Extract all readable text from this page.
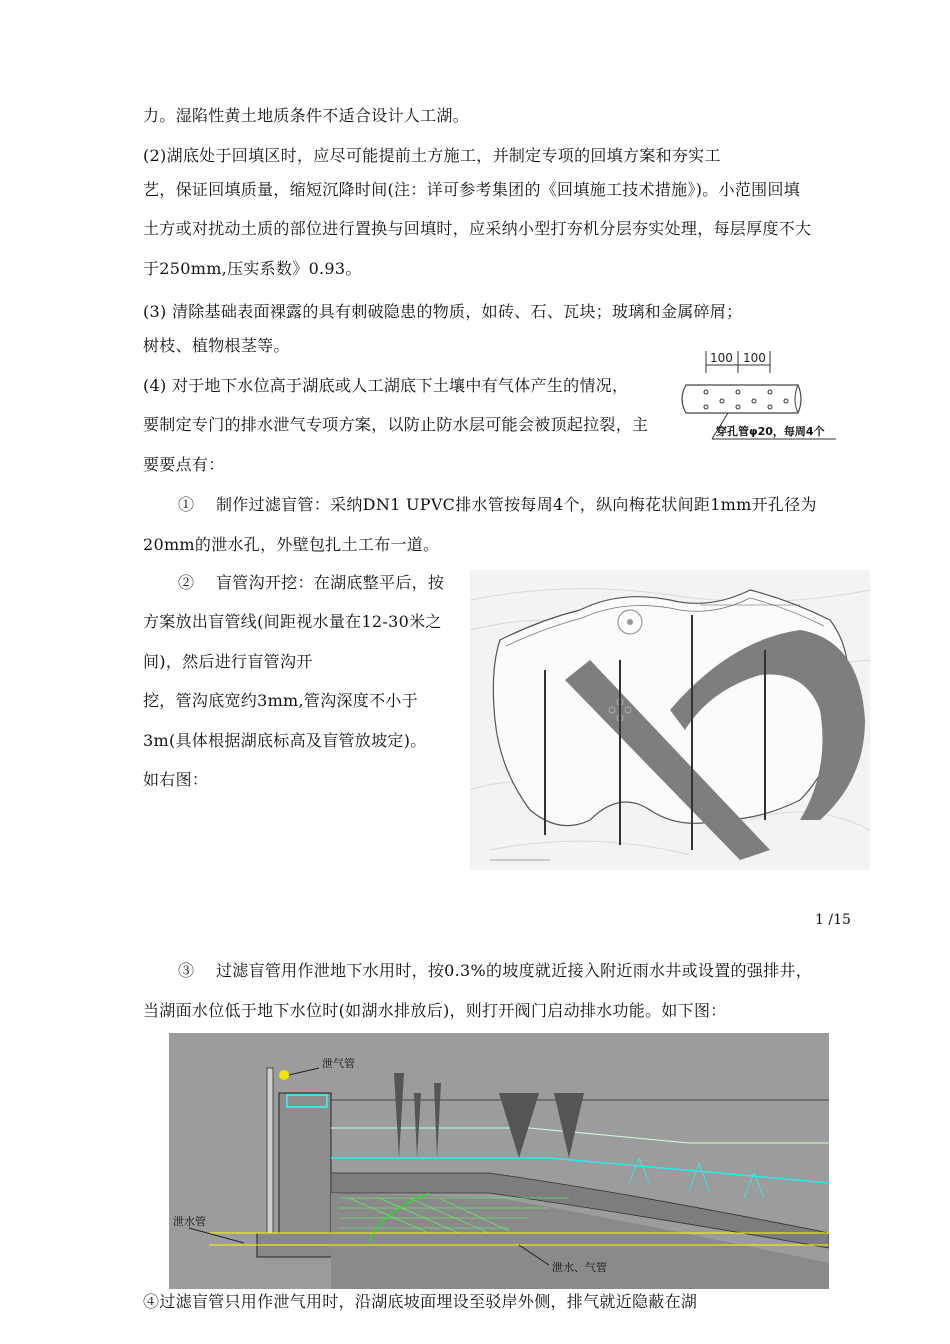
力。湿陷性黄土地质条件不适合设计人工湖。
(2)湖底处于回填区时，应尽可能提前土方施工，并制定专项的回填方案和夯实工
艺，保证回填质量，缩短沉降时间(注：详可参考集团的《回填施工技术措施》)。小范围回填
土方或对扰动土质的部位进行置换与回填时，应采纳小型打夯机分层夯实处理，每层厚度不大
于250mm,压实系数》0.93。
(3) 清除基础表面裸露的具有刺破隐患的物质，如砖、石、瓦块；玻璃和金属碎屑；
树枝、植物根茎等。
(4) 对于地下水位高于湖底或人工湖底下土壤中有气体产生的情况，
要制定专门的排水泄气专项方案，以防止防水层可能会被顶起拉裂，主
要要点有：
①　 制作过滤盲管：采纳DN1 UPVC排水管按每周4个，纵向梅花状间距1mm开孔径为
20mm的泄水孔，外壁包扎土工布一道。
②　 盲管沟开挖：在湖底整平后，按
方案放出盲管线(间距视水量在12-30米之
间)，然后进行盲管沟开
挖，管沟底宽约3mm,管沟深度不小于
3m(具体根据湖底标高及盲管放坡定)。
如右图：
③　 过滤盲管用作泄地下水用时，按0.3%的坡度就近接入附近雨水井或设置的强排井，
当湖面水位低于地下水位时(如湖水排放后)，则打开阀门启动排水功能。如下图：
④过滤盲管只用作泄气用时，沿湖底坡面埋设至驳岸外侧，排气就近隐蔽在湖
1 /15
100 100
穿孔管φ20，每周4个
泄气管
泄水管
泄水、气管
